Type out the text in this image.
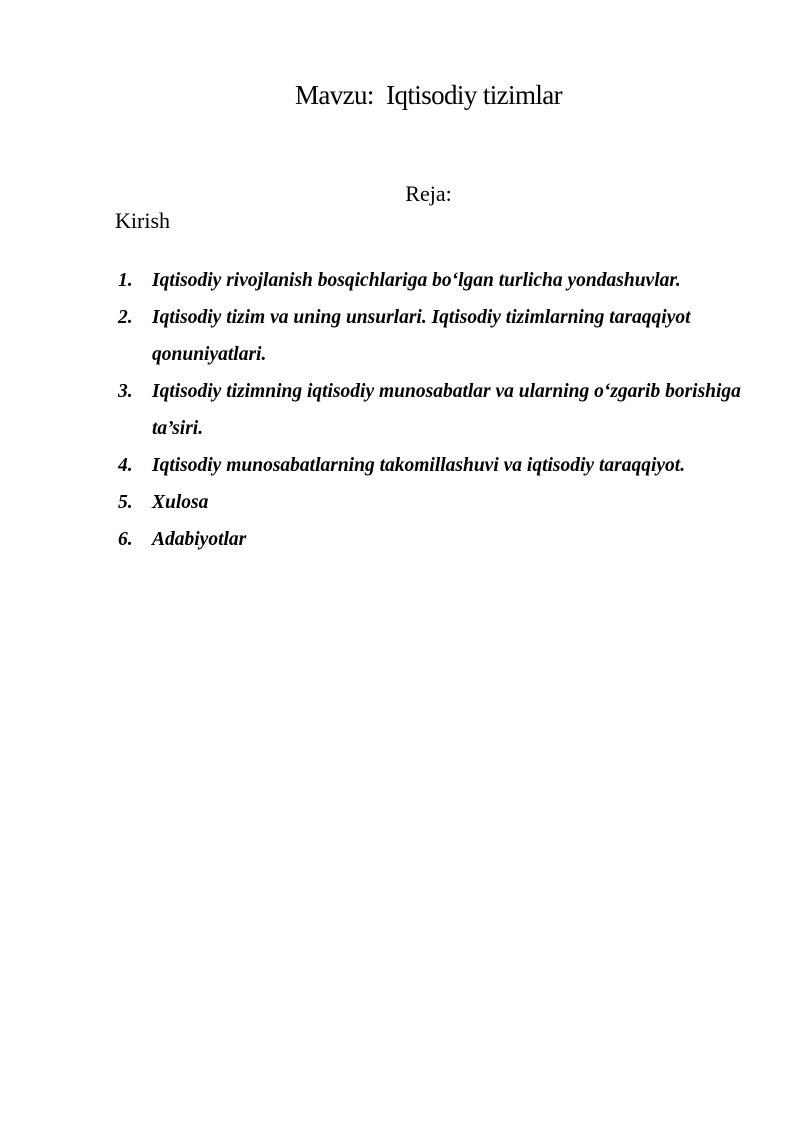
Mavzu:  Iqtisodiy tizimlar
Reja:
Kirish
1. Iqtisodiy rivojlanish bosqichlariga bo‘lgan turlicha yondashuvlar.
2. Iqtisodiy tizim va uning unsurlari. Iqtisodiy tizimlarning taraqqiyot qonuniyatlari.
3. Iqtisodiy tizimning iqtisodiy munosabatlar va ularning o‘zgarib borishiga ta’siri.
4. Iqtisodiy munosabatlarning takomillashuvi va iqtisodiy taraqqiyot.
5. Xulosa
6. Adabiyotlar
